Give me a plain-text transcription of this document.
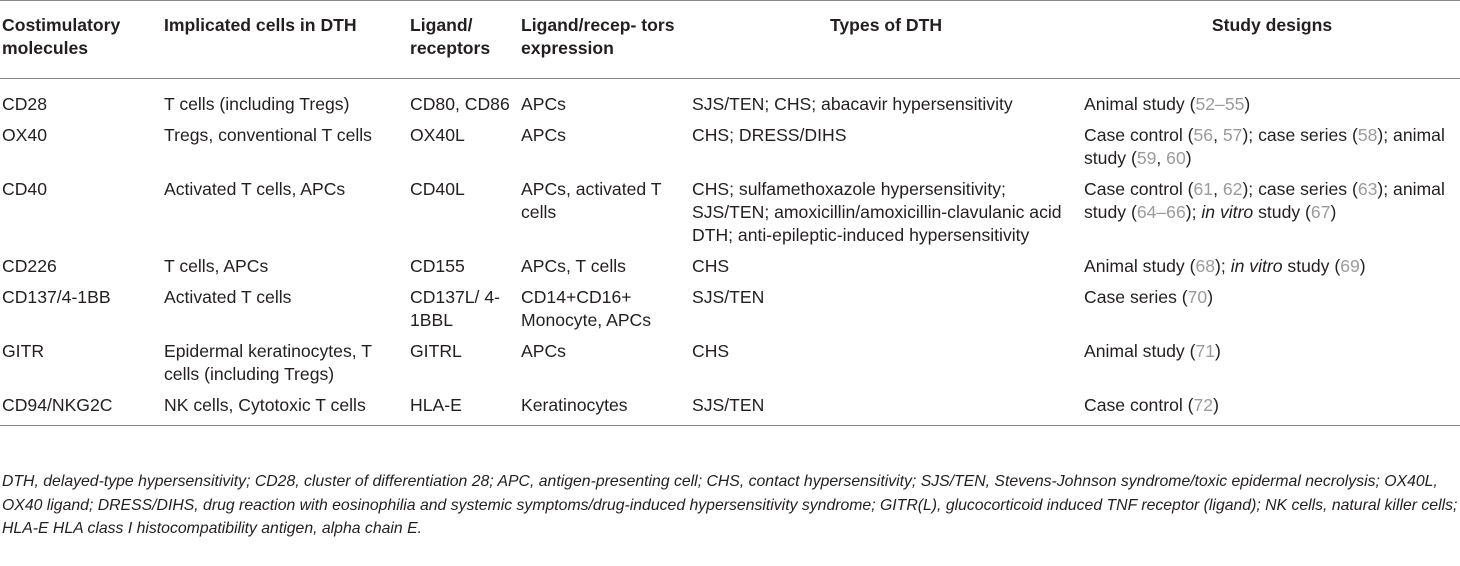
Costimulatory molecules	Implicated cells in DTH	Ligand/ receptors	Ligand/recep- tors expression	Types of DTH	Study designs
CD28	T cells (including Tregs)	CD80, CD86	APCs	SJS/TEN; CHS; abacavir hypersensitivity	Animal study (52–55)
OX40	Tregs, conventional T cells	OX40L	APCs	CHS; DRESS/DIHS	Case control (56, 57); case series (58); animal study (59, 60)
CD40	Activated T cells, APCs	CD40L	APCs, activated T cells	CHS; sulfamethoxazole hypersensitivity; SJS/TEN; amoxicillin/amoxicillin-clavulanic acid DTH; anti-epileptic-induced hypersensitivity	Case control (61, 62); case series (63); animal study (64–66); in vitro study (67)
CD226	T cells, APCs	CD155	APCs, T cells	CHS	Animal study (68); in vitro study (69)
CD137/4-1BB	Activated T cells	CD137L/ 4-1BBL	CD14+CD16+ Monocyte, APCs	SJS/TEN	Case series (70)
GITR	Epidermal keratinocytes, T cells (including Tregs)	GITRL	APCs	CHS	Animal study (71)
CD94/NKG2C	NK cells, Cytotoxic T cells	HLA-E	Keratinocytes	SJS/TEN	Case control (72)
DTH, delayed-type hypersensitivity; CD28, cluster of differentiation 28; APC, antigen-presenting cell; CHS, contact hypersensitivity; SJS/TEN, Stevens-Johnson syndrome/toxic epidermal necrolysis; OX40L, OX40 ligand; DRESS/DIHS, drug reaction with eosinophilia and systemic symptoms/drug-induced hypersensitivity syndrome; GITR(L), glucocorticoid induced TNF receptor (ligand); NK cells, natural killer cells; HLA-E HLA class I histocompatibility antigen, alpha chain E.
